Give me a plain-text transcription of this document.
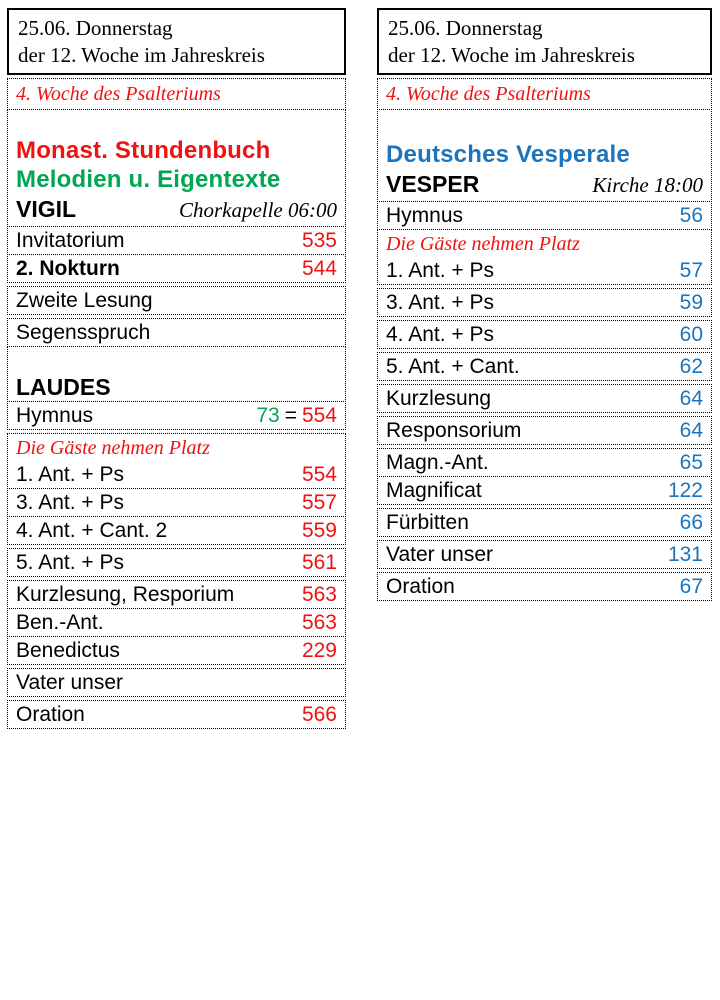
25.06. Donnerstag
der 12. Woche im Jahreskreis
4. Woche des Psalteriums
Monast. Stundenbuch
Melodien u. Eigentexte
VIGIL	Chorkapelle 06:00
Invitatorium	535
2. Nokturn	544
Zweite Lesung
Segensspruch
LAUDES
Hymnus	73 = 554
Die Gäste nehmen Platz
1. Ant. + Ps	554
3. Ant. + Ps	557
4. Ant. + Cant. 2	559
5. Ant. + Ps	561
Kurzlesung, Resporium	563
Ben.-Ant.	563
Benedictus	229
Vater unser
Oration	566
25.06. Donnerstag
der 12. Woche im Jahreskreis
4. Woche des Psalteriums
Deutsches Vesperale
VESPER	Kirche 18:00
Hymnus	56
Die Gäste nehmen Platz
1. Ant. + Ps	57
3. Ant. + Ps	59
4. Ant. + Ps	60
5. Ant. + Cant.	62
Kurzlesung	64
Responsorium	64
Magn.-Ant.	65
Magnificat	122
Fürbitten	66
Vater unser	131
Oration	67
